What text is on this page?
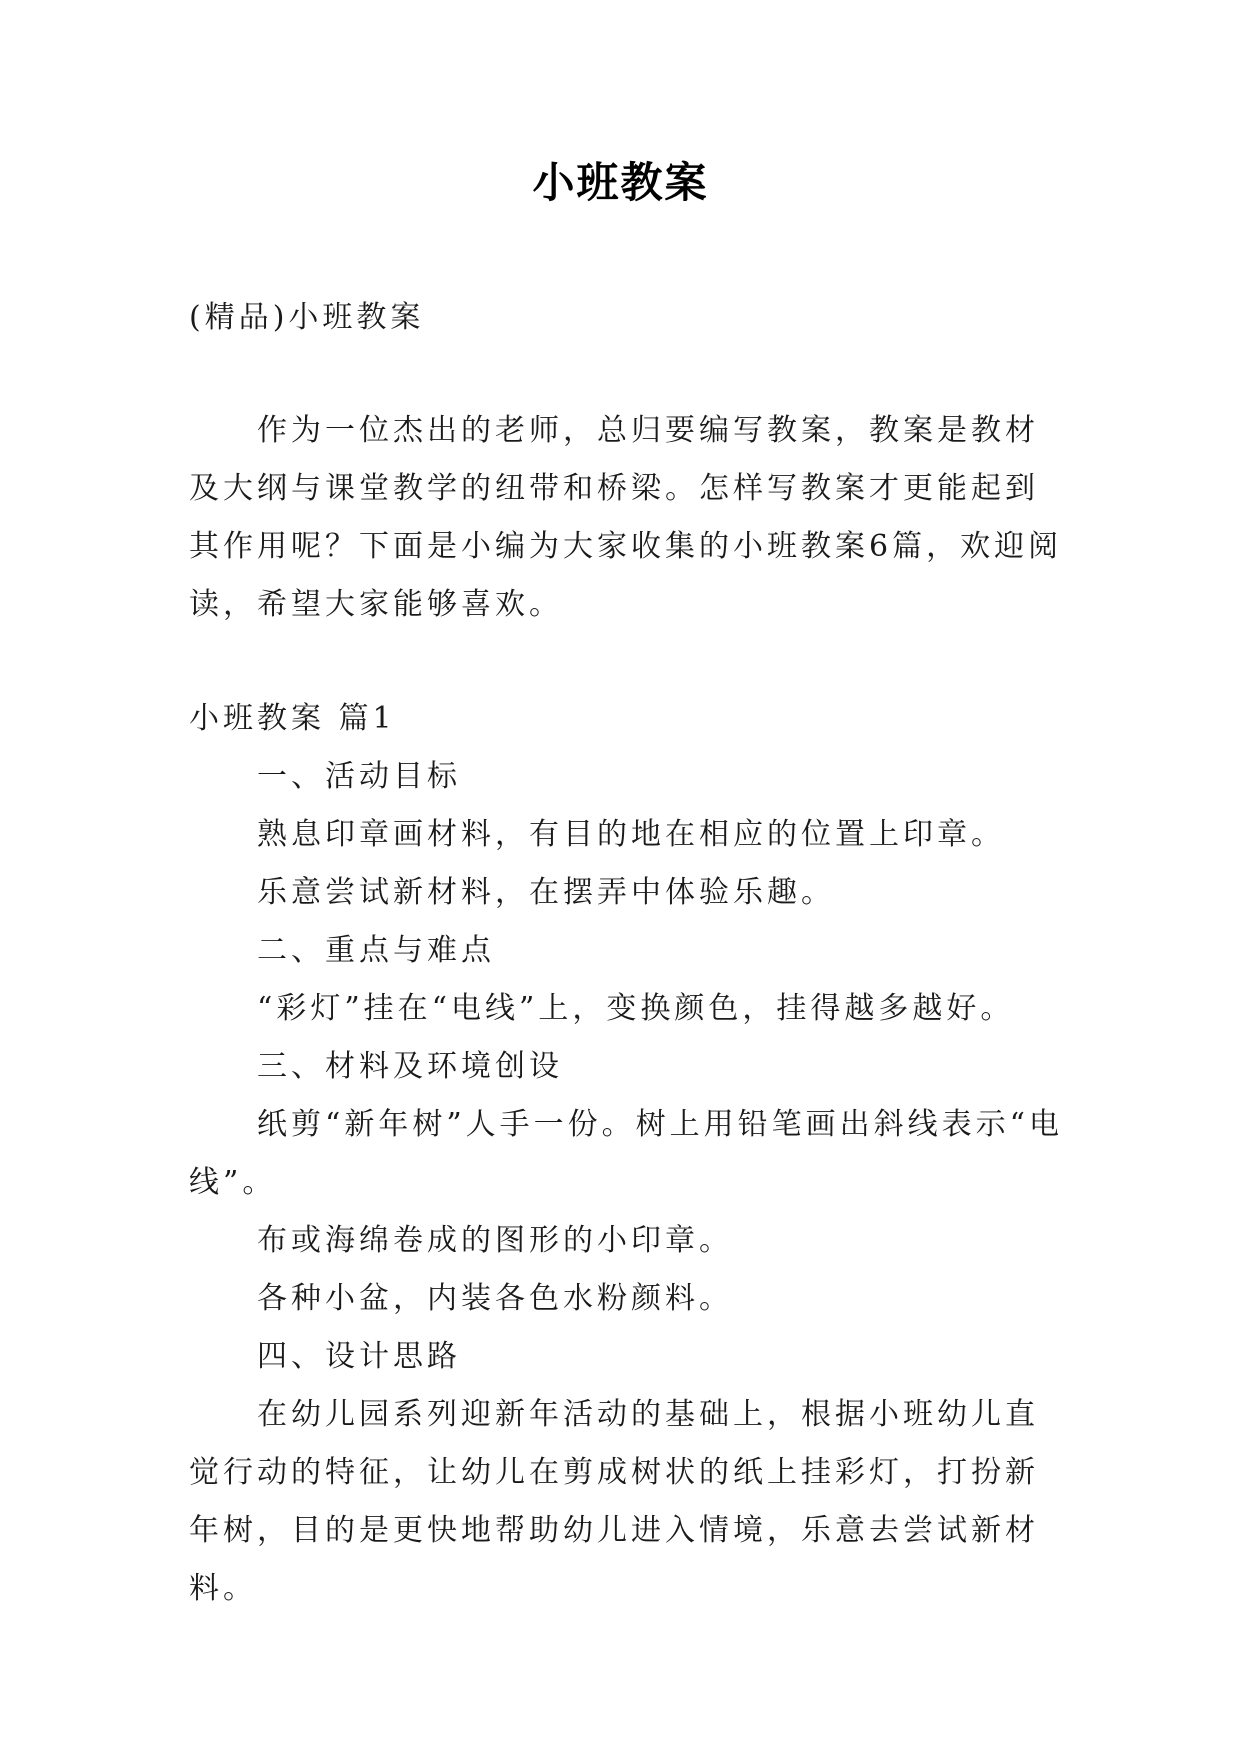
小班教案
(精品)小班教案
作为一位杰出的老师，总归要编写教案，教案是教材及大纲与课堂教学的纽带和桥梁。怎样写教案才更能起到其作用呢？下面是小编为大家收集的小班教案6篇，欢迎阅读，希望大家能够喜欢。
小班教案 篇1

一、活动目标

熟息印章画材料，有目的地在相应的位置上印章。

乐意尝试新材料，在摆弄中体验乐趣。

二、重点与难点

“彩灯”挂在“电线”上，变换颜色，挂得越多越好。

三、材料及环境创设

纸剪“新年树”人手一份。树上用铅笔画出斜线表示“电线”。

布或海绵卷成的图形的小印章。

各种小盆，内装各色水粉颜料。

四、设计思路

在幼儿园系列迎新年活动的基础上，根据小班幼儿直觉行动的特征，让幼儿在剪成树状的纸上挂彩灯，打扮新年树，目的是更快地帮助幼儿进入情境，乐意去尝试新材料。
